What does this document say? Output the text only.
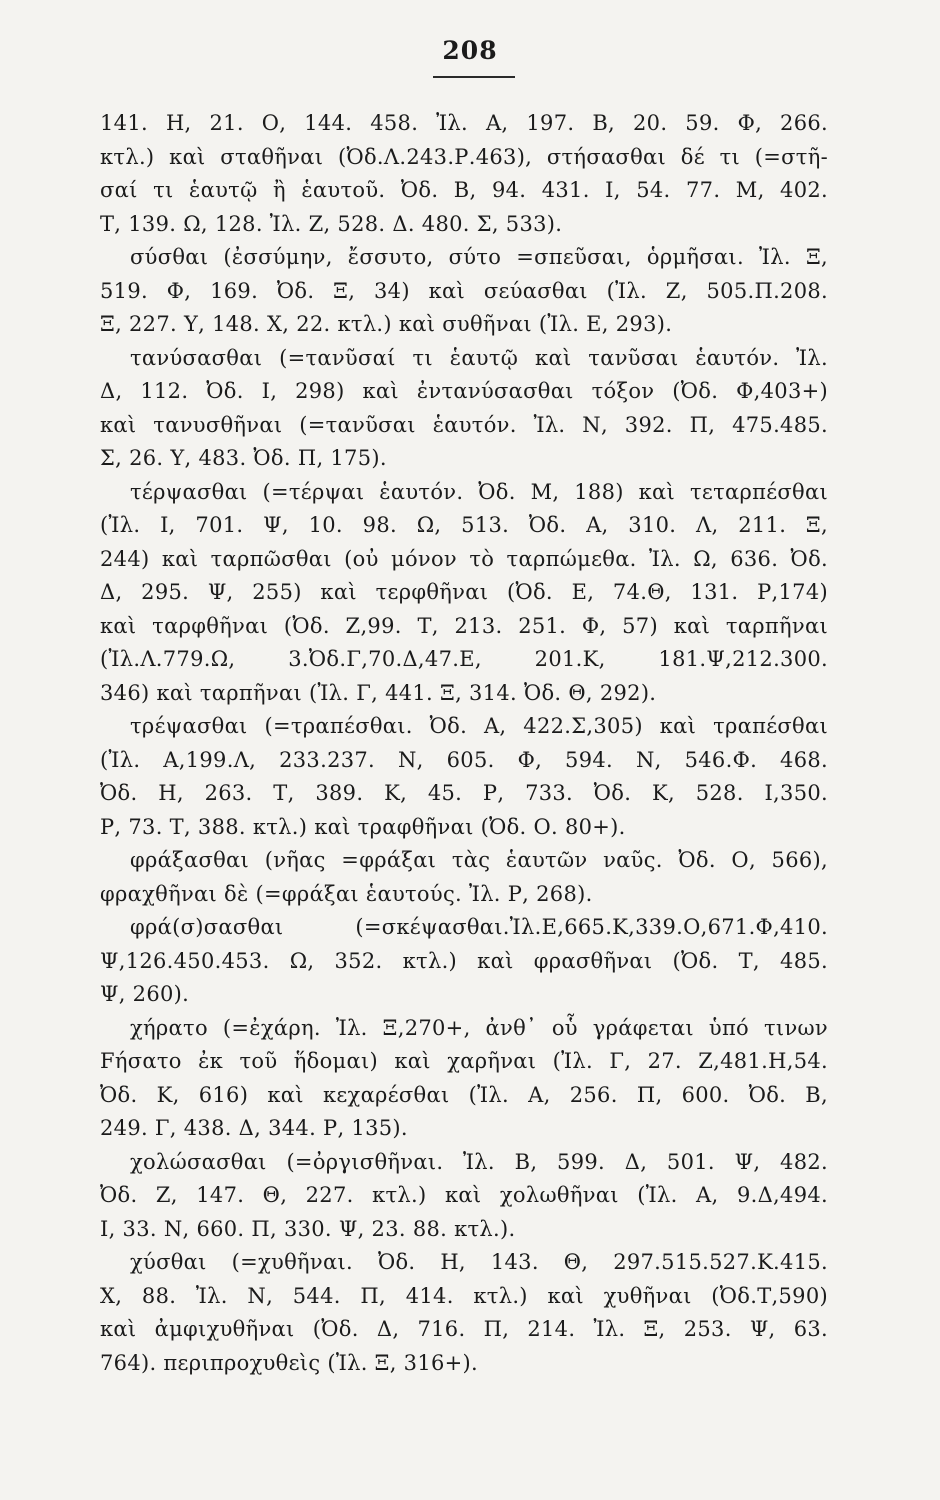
208
141. Η, 21. Ο, 144. 458. Ἰλ. Α, 197. Β, 20. 59. Φ, 266.
κτλ.) καὶ σταθῆναι (Ὀδ.Λ.243.Ρ.463), στήσασθαι δέ τι (=στῆ-
σαί τι ἑαυτῷ ἢ ἑαυτοῦ. Ὀδ. Β, 94. 431. Ι, 54. 77. Μ, 402.
Τ, 139. Ω, 128. Ἰλ. Ζ, 528. Δ. 480. Σ, 533).
σύσθαι (ἐσσύμην, ἔσσυτο, σύτο =σπεῦσαι, ὁρμῆσαι. Ἰλ. Ξ,
519. Φ, 169. Ὀδ. Ξ, 34) καὶ σεύασθαι (Ἰλ. Ζ, 505.Π.208.
Ξ, 227. Υ, 148. Χ, 22. κτλ.) καὶ συθῆναι (Ἰλ. Ε, 293).
τανύσασθαι (=τανῦσαί τι ἑαυτῷ καὶ τανῦσαι ἑαυτόν. Ἰλ.
Δ, 112. Ὀδ. Ι, 298) καὶ ἐντανύσασθαι τόξον (Ὀδ. Φ,403+)
καὶ τανυσθῆναι (=τανῦσαι ἑαυτόν. Ἰλ. Ν, 392. Π, 475.485.
Σ, 26. Υ, 483. Ὀδ. Π, 175).
τέρψασθαι (=τέρψαι ἑαυτόν. Ὀδ. Μ, 188) καὶ τεταρπέσθαι
(Ἰλ. Ι, 701. Ψ, 10. 98. Ω, 513. Ὀδ. Α, 310. Λ, 211. Ξ,
244) καὶ ταρπῶσθαι (οὐ μόνον τὸ ταρπώμεθα. Ἰλ. Ω, 636. Ὀδ.
Δ, 295. Ψ, 255) καὶ τερφθῆναι (Ὀδ. Ε, 74.Θ, 131. Ρ,174)
καὶ ταρφθῆναι (Ὀδ. Ζ,99. Τ, 213. 251. Φ, 57) καὶ ταρπῆναι
(Ἰλ.Λ.779.Ω, 3.Ὀδ.Γ,70.Δ,47.Ε, 201.Κ, 181.Ψ,212.300.
346) καὶ ταρπῆναι (Ἰλ. Γ, 441. Ξ, 314. Ὀδ. Θ, 292).
τρέψασθαι (=τραπέσθαι. Ὀδ. Α, 422.Σ,305) καὶ τραπέσθαι
(Ἰλ. Α,199.Λ, 233.237. Ν, 605. Φ, 594. Ν, 546.Φ. 468.
Ὀδ. Η, 263. Τ, 389. Κ, 45. Ρ, 733. Ὀδ. Κ, 528. Ι,350.
Ρ, 73. Τ, 388. κτλ.) καὶ τραφθῆναι (Ὀδ. Ο. 80+).
φράξασθαι (νῆας =φράξαι τὰς ἑαυτῶν ναῦς. Ὀδ. Ο, 566),
φραχθῆναι δὲ (=φράξαι ἑαυτούς. Ἰλ. Ρ, 268).
φρά(σ)σασθαι (=σκέψασθαι.Ἰλ.Ε,665.Κ,339.Ο,671.Φ,410.
Ψ,126.450.453. Ω, 352. κτλ.) καὶ φρασθῆναι (Ὀδ. Τ, 485.
Ψ, 260).
χήρατο (=ἐχάρη. Ἰλ. Ξ,270+, ἀνθ᾽ οὗ γράφεται ὑπό τινων
Fήσατο ἐκ τοῦ ἥδομαι) καὶ χαρῆναι (Ἰλ. Γ, 27. Ζ,481.Η,54.
Ὀδ. Κ, 616) καὶ κεχαρέσθαι (Ἰλ. Α, 256. Π, 600. Ὀδ. Β,
249. Γ, 438. Δ, 344. Ρ, 135).
χολώσασθαι (=ὀργισθῆναι. Ἰλ. Β, 599. Δ, 501. Ψ, 482.
Ὀδ. Ζ, 147. Θ, 227. κτλ.) καὶ χολωθῆναι (Ἰλ. Α, 9.Δ,494.
Ι, 33. Ν, 660. Π, 330. Ψ, 23. 88. κτλ.).
χύσθαι (=χυθῆναι. Ὀδ. Η, 143. Θ, 297.515.527.Κ.415.
Χ, 88. Ἰλ. Ν, 544. Π, 414. κτλ.) καὶ χυθῆναι (Ὀδ.Τ,590)
καὶ ἀμφιχυθῆναι (Ὀδ. Δ, 716. Π, 214. Ἰλ. Ξ, 253. Ψ, 63.
764). περιπροχυθεὶς (Ἰλ. Ξ, 316+).
